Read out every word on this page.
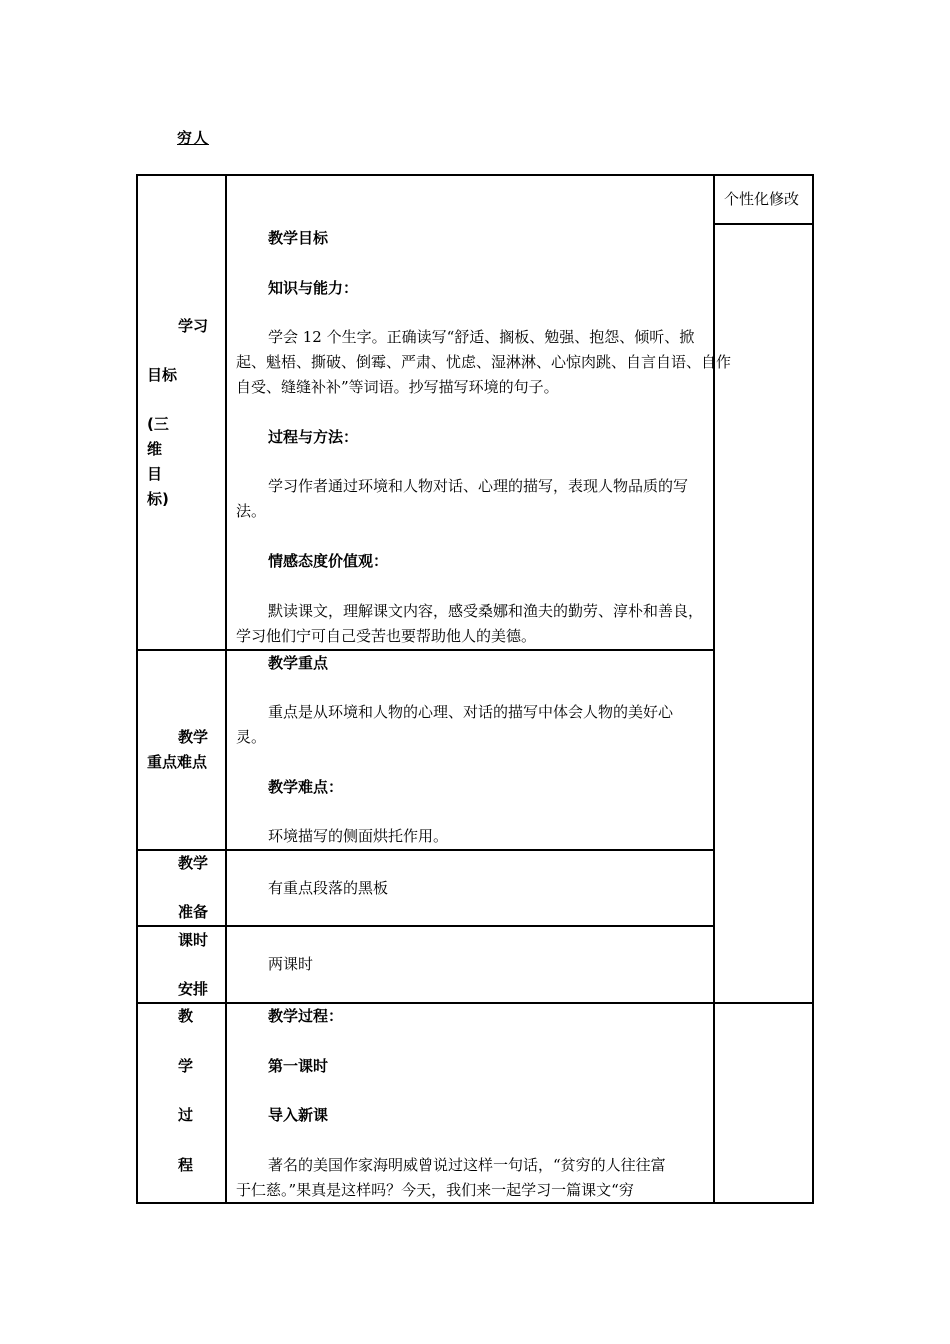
穷人
个性化修改
学习
目标
(三
维
目
标)
教学目标
知识与能力：
学会 12 个生字。正确读写“舒适、搁板、勉强、抱怨、倾听、掀
起、魁梧、撕破、倒霉、严肃、忧虑、湿淋淋、心惊肉跳、自言自语、自作
自受、缝缝补补”等词语。抄写描写环境的句子。
过程与方法：
学习作者通过环境和人物对话、心理的描写，表现人物品质的写
法。
情感态度价值观：
默读课文，理解课文内容，感受桑娜和渔夫的勤劳、淳朴和善良，
学习他们宁可自己受苦也要帮助他人的美德。
教学
重点难点
教学重点
重点是从环境和人物的心理、对话的描写中体会人物的美好心
灵。
教学难点：
环境描写的侧面烘托作用。
教学
准备
有重点段落的黑板
课时
安排
两课时
教
学
过
程
教学过程：
第一课时
导入新课
著名的美国作家海明威曾说过这样一句话，“贫穷的人往往富
于仁慈。”果真是这样吗？今天，我们来一起学习一篇课文“穷
